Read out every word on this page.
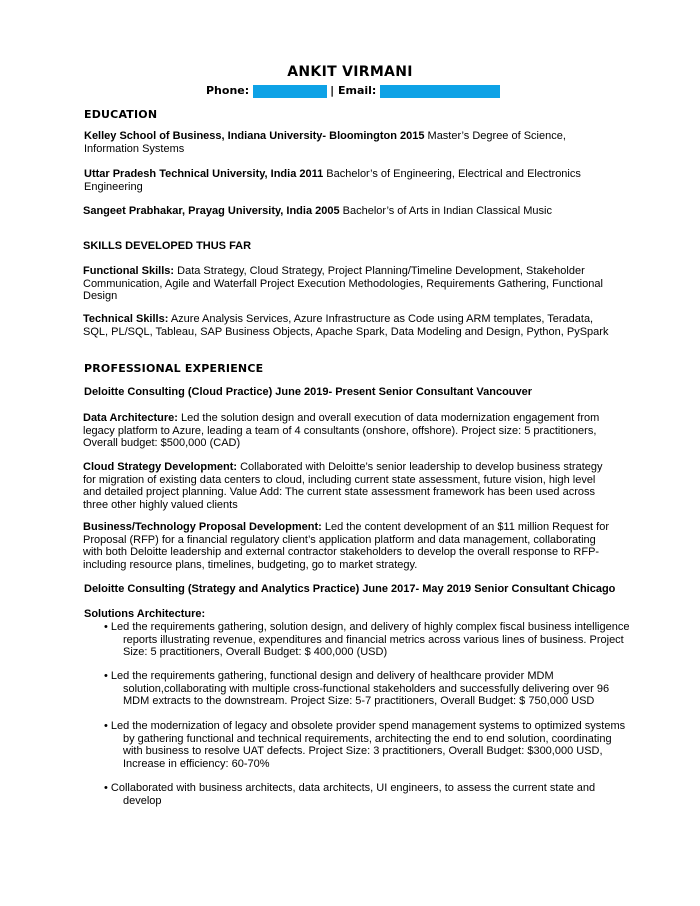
ANKIT VIRMANI
Phone:	| Email:
EDUCATION
Kelley School of Business, Indiana University- Bloomington 2015 Master’s Degree of Science, Information Systems
Uttar Pradesh Technical University, India 2011 Bachelor’s of Engineering, Electrical and Electronics Engineering
Sangeet Prabhakar, Prayag University, India 2005 Bachelor’s of Arts in Indian Classical Music
SKILLS DEVELOPED THUS FAR
Functional Skills: Data Strategy, Cloud Strategy, Project Planning/Timeline Development, Stakeholder Communication, Agile and Waterfall Project Execution Methodologies, Requirements Gathering, Functional Design
Technical Skills: Azure Analysis Services, Azure Infrastructure as Code using ARM templates, Teradata, SQL, PL/SQL, Tableau, SAP Business Objects, Apache Spark, Data Modeling and Design, Python, PySpark
PROFESSIONAL EXPERIENCE
Deloitte Consulting (Cloud Practice) June 2019- Present Senior Consultant Vancouver
Data Architecture: Led the solution design and overall execution of data modernization engagement from legacy platform to Azure, leading a team of 4 consultants (onshore, offshore). Project size: 5 practitioners, Overall budget: $500,000 (CAD)
Cloud Strategy Development: Collaborated with Deloitte’s senior leadership to develop business strategy for migration of existing data centers to cloud, including current state assessment, future vision, high level and detailed project planning. Value Add: The current state assessment framework has been used across three other highly valued clients
Business/Technology Proposal Development: Led the content development of an $11 million Request for Proposal (RFP) for a financial regulatory client’s application platform and data management, collaborating with both Deloitte leadership and external contractor stakeholders to develop the overall response to RFP- including resource plans, timelines, budgeting, go to market strategy.
Deloitte Consulting (Strategy and Analytics Practice) June 2017- May 2019 Senior Consultant Chicago
Solutions Architecture:
• Led the requirements gathering, solution design, and delivery of highly complex fiscal business intelligence reports illustrating revenue, expenditures and financial metrics across various lines of business. Project Size: 5 practitioners, Overall Budget: $ 400,000 (USD)
• Led the requirements gathering, functional design and delivery of healthcare provider MDM solution,collaborating with multiple cross-functional stakeholders and successfully delivering over 96 MDM extracts to the downstream. Project Size: 5-7 practitioners, Overall Budget: $ 750,000 USD
• Led the modernization of legacy and obsolete provider spend management systems to optimized systems by gathering functional and technical requirements, architecting the end to end solution, coordinating with business to resolve UAT defects. Project Size: 3 practitioners, Overall Budget: $300,000 USD, Increase in efficiency: 60-70%
• Collaborated with business architects, data architects, UI engineers, to assess the current state and develop
